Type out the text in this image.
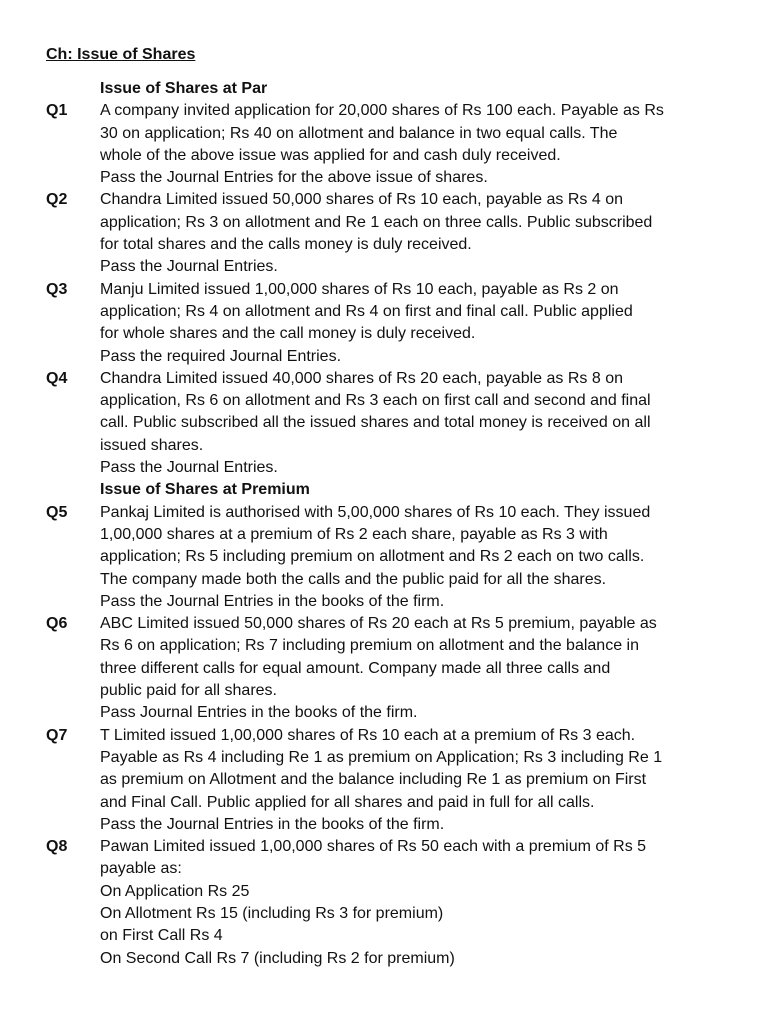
Ch: Issue of Shares
Issue of Shares at Par
Q1	A company invited application for 20,000 shares of Rs 100 each. Payable as Rs
30 on application; Rs 40 on allotment and balance in two equal calls. The
whole of the above issue was applied for and cash duly received.
Pass the Journal Entries for the above issue of shares.
Q2	Chandra Limited issued 50,000 shares of Rs 10 each, payable as Rs 4 on
application; Rs 3 on allotment and Re 1 each on three calls. Public subscribed
for total shares and the calls money is duly received.
Pass the Journal Entries.
Q3	Manju Limited issued 1,00,000 shares of Rs 10 each, payable as Rs 2 on
application; Rs 4 on allotment and Rs 4 on first and final call. Public applied
for whole shares and the call money is duly received.
Pass the required Journal Entries.
Q4	Chandra Limited issued 40,000 shares of Rs 20 each, payable as Rs 8 on
application, Rs 6 on allotment and Rs 3 each on first call and second and final
call. Public subscribed all the issued shares and total money is received on all
issued shares.
Pass the Journal Entries.
Issue of Shares at Premium
Q5	Pankaj Limited is authorised with 5,00,000 shares of Rs 10 each. They issued
1,00,000 shares at a premium of Rs 2 each share, payable as Rs 3 with
application; Rs 5 including premium on allotment and Rs 2 each on two calls.
The company made both the calls and the public paid for all the shares.
Pass the Journal Entries in the books of the firm.
Q6	ABC Limited issued 50,000 shares of Rs 20 each at Rs 5 premium, payable as
Rs 6 on application; Rs 7 including premium on allotment and the balance in
three different calls for equal amount. Company made all three calls and
public paid for all shares.
Pass Journal Entries in the books of the firm.
Q7	T Limited issued 1,00,000 shares of Rs 10 each at a premium of Rs 3 each.
Payable as Rs 4 including Re 1 as premium on Application; Rs 3 including Re 1
as premium on Allotment and the balance including Re 1 as premium on First
and Final Call. Public applied for all shares and paid in full for all calls.
Pass the Journal Entries in the books of the firm.
Q8	Pawan Limited issued 1,00,000 shares of Rs 50 each with a premium of Rs 5
payable as:
On Application Rs 25
On Allotment Rs 15 (including Rs 3 for premium)
on First Call Rs 4
On Second Call Rs 7 (including Rs 2 for premium)
